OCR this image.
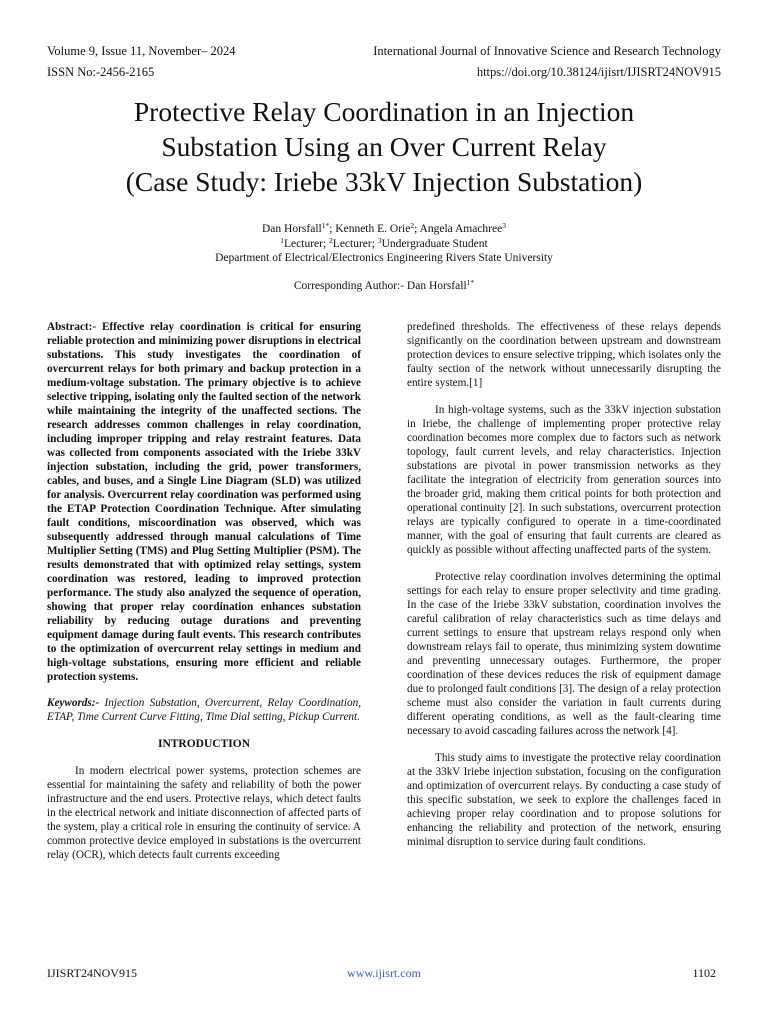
Volume 9, Issue 11, November– 2024	International Journal of Innovative Science and Research Technology
ISSN No:-2456-2165	https://doi.org/10.38124/ijisrt/IJISRT24NOV915
Protective Relay Coordination in an Injection
Substation Using an Over Current Relay
(Case Study: Iriebe 33kV Injection Substation)
Dan Horsfall$^{1*}$; Kenneth E. Orie$^2$; Angela Amachree$^3$
$^1$Lecturer; $^2$Lecturer; $^3$Undergraduate Student
Department of Electrical/Electronics Engineering Rivers State University
Corresponding Author:- Dan Horsfall$^{1*}$

Abstract:- Effective relay coordination is critical for ensuring reliable protection and minimizing power disruptions in electrical substations. This study investigates the coordination of overcurrent relays for both primary and backup protection in a medium-voltage substation. The primary objective is to achieve selective tripping, isolating only the faulted section of the network while maintaining the integrity of the unaffected sections. The research addresses common challenges in relay coordination, including improper tripping and relay restraint features. Data was collected from components associated with the Iriebe 33kV injection substation, including the grid, power transformers, cables, and buses, and a Single Line Diagram (SLD) was utilized for analysis. Overcurrent relay coordination was performed using the ETAP Protection Coordination Technique. After simulating fault conditions, miscoordination was observed, which was subsequently addressed through manual calculations of Time Multiplier Setting (TMS) and Plug Setting Multiplier (PSM). The results demonstrated that with optimized relay settings, system coordination was restored, leading to improved protection performance. The study also analyzed the sequence of operation, showing that proper relay coordination enhances substation reliability by reducing outage durations and preventing equipment damage during fault events. This research contributes to the optimization of overcurrent relay settings in medium and high-voltage substations, ensuring more efficient and reliable protection systems.

Keywords:- Injection Substation, Overcurrent, Relay Coordination, ETAP, Time Current Curve Fitting, Time Dial setting, Pickup Current.

INTRODUCTION

In modern electrical power systems, protection schemes are essential for maintaining the safety and reliability of both the power infrastructure and the end users. Protective relays, which detect faults in the electrical network and initiate disconnection of affected parts of the system, play a critical role in ensuring the continuity of service. A common protective device employed in substations is the overcurrent relay (OCR), which detects fault currents exceeding

predefined thresholds. The effectiveness of these relays depends significantly on the coordination between upstream and downstream protection devices to ensure selective tripping, which isolates only the faulty section of the network without unnecessarily disrupting the entire system.[1]

In high-voltage systems, such as the 33kV injection substation in Iriebe, the challenge of implementing proper protective relay coordination becomes more complex due to factors such as network topology, fault current levels, and relay characteristics. Injection substations are pivotal in power transmission networks as they facilitate the integration of electricity from generation sources into the broader grid, making them critical points for both protection and operational continuity [2]. In such substations, overcurrent protection relays are typically configured to operate in a time-coordinated manner, with the goal of ensuring that fault currents are cleared as quickly as possible without affecting unaffected parts of the system.

Protective relay coordination involves determining the optimal settings for each relay to ensure proper selectivity and time grading. In the case of the Iriebe 33kV substation, coordination involves the careful calibration of relay characteristics such as time delays and current settings to ensure that upstream relays respond only when downstream relays fail to operate, thus minimizing system downtime and preventing unnecessary outages. Furthermore, the proper coordination of these devices reduces the risk of equipment damage due to prolonged fault conditions [3]. The design of a relay protection scheme must also consider the variation in fault currents during different operating conditions, as well as the fault-clearing time necessary to avoid cascading failures across the network [4].

This study aims to investigate the protective relay coordination at the 33kV Iriebe injection substation, focusing on the configuration and optimization of overcurrent relays. By conducting a case study of this specific substation, we seek to explore the challenges faced in achieving proper relay coordination and to propose solutions for enhancing the reliability and protection of the network, ensuring minimal disruption to service during fault conditions.

IJISRT24NOV915	www.ijisrt.com	1102
